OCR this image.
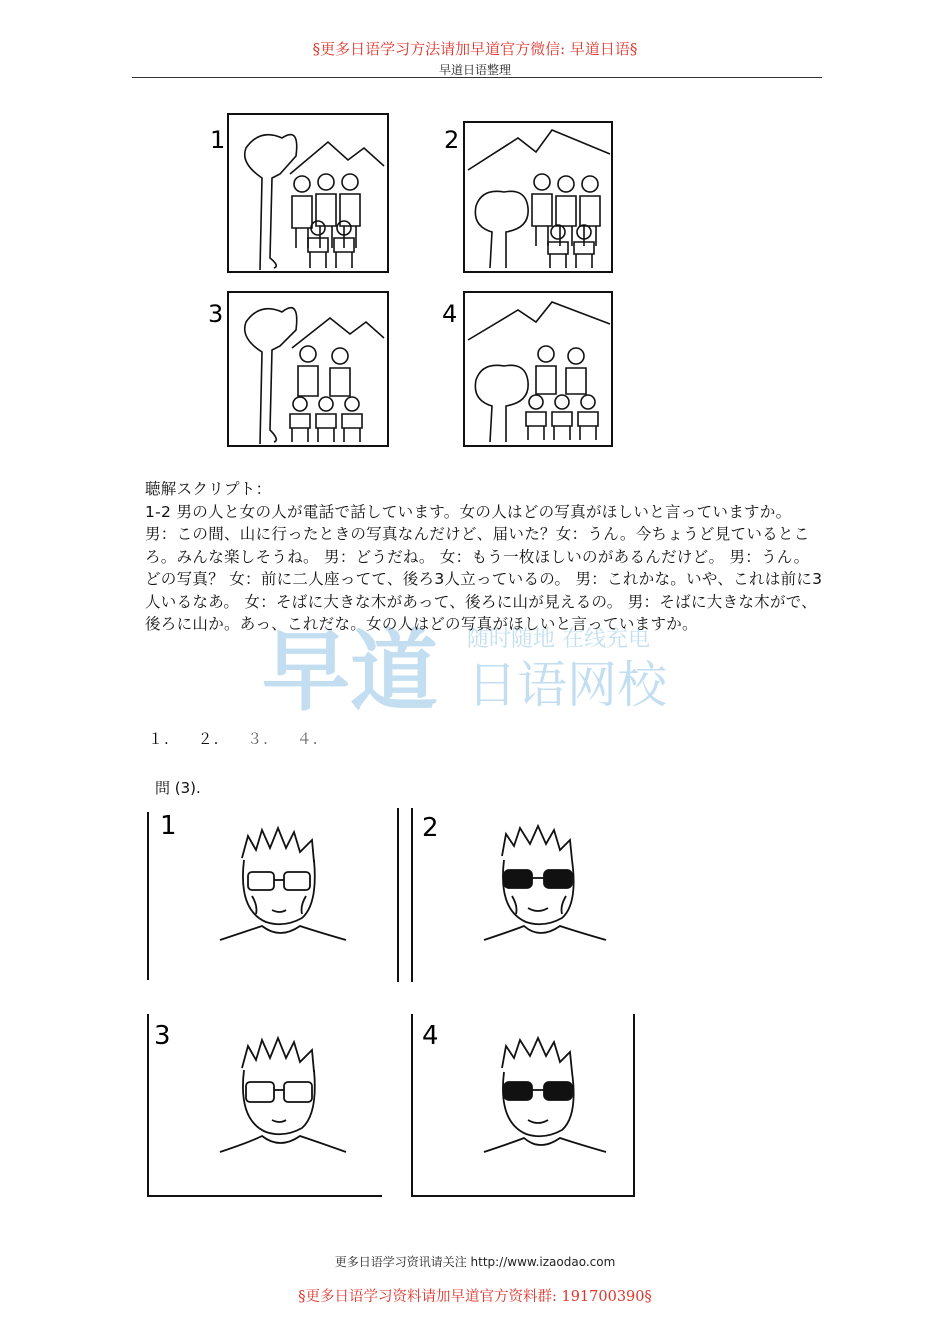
§更多日语学习方法请加早道官方微信: 早道日语§
早道日语整理
1	2
3	4
早道 日语网校
随时随地 在线充电

聴解スクリプト：

1-2 男の人と女の人が電話で話しています。女の人はどの写真がほしいと言っていますか。 男：この間、山に行ったときの写真なんだけど、届いた？女：うん。今ちょうど見ているところ。みんな楽しそうね。 男：どうだね。 女：もう一枚ほしいのがあるんだけど。 男：うん。どの写真？ 女：前に二人座ってて、後ろ3人立っているの。 男：これかな。いや、これは前に3人いるなあ。 女：そばに大きな木があって、後ろに山が見えるの。 男：そばに大きな木がで、後ろに山か。あっ、これだな。女の人はどの写真がほしいと言っていますか。

１. ２. ３. ４.
問 (3).
1	2
3	4
更多日语学习资讯请关注 http://www.izaodao.com
§更多日语学习资料请加早道官方资料群: 191700390§
